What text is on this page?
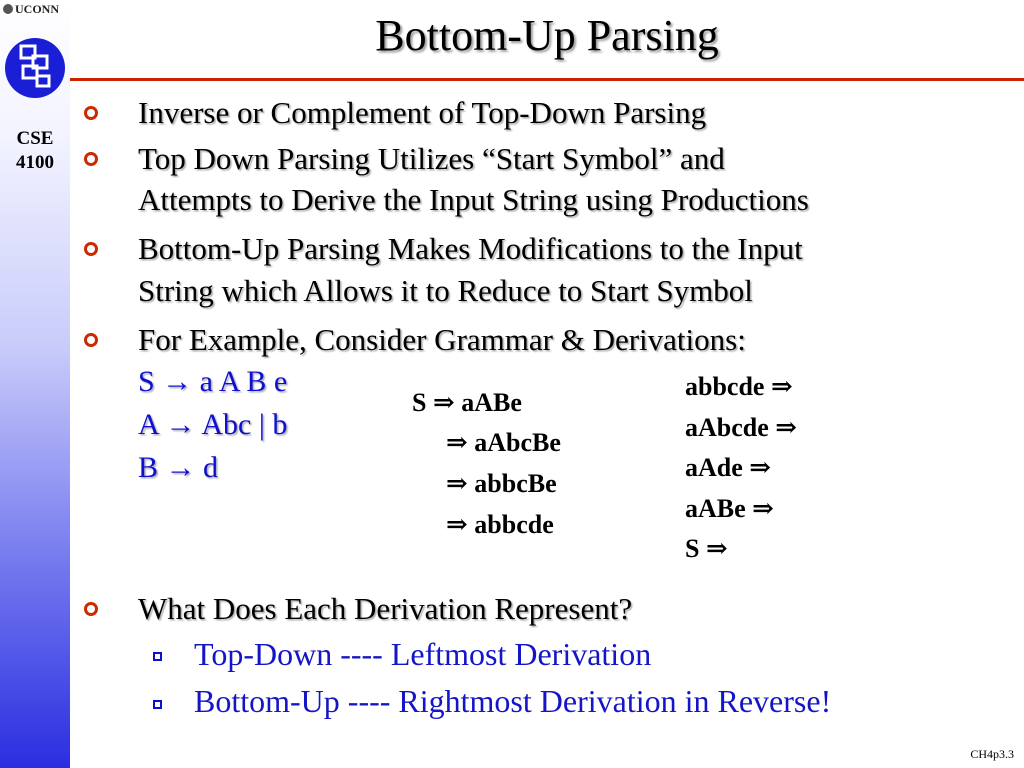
UCONN
CSE
4100
Bottom-Up Parsing
Inverse or Complement of Top-Down Parsing
Top Down Parsing Utilizes “Start Symbol” and
Attempts to Derive the Input String using Productions
Bottom-Up Parsing Makes Modifications to the Input
String which Allows it to Reduce to Start Symbol
For Example, Consider Grammar & Derivations:
S → a A B e
A → Abc | b
B → d
S ⇒ aABe
⇒ aAbcBe
⇒ abbcBe
⇒ abbcde
abbcde ⇒
aAbcde ⇒
aAde ⇒
aABe ⇒
S ⇒
What Does Each Derivation Represent?
Top-Down ---- Leftmost Derivation
Bottom-Up ---- Rightmost Derivation in Reverse!
CH4p3.3
